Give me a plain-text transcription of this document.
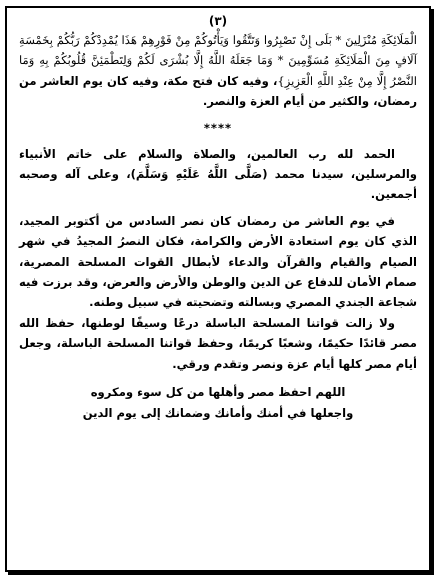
(٣)

الْمَلَائِكَةِ مُنْزَلِينَ * بَلَى إِنْ تَصْبِرُوا وَتَتَّقُوا وَيَأْتُوكُمْ مِنْ فَوْرِهِمْ هَذَا يُمْدِدْكُمْ رَبُّكُمْ بِخَمْسَةِ آلَافٍ مِنَ الْمَلَائِكَةِ مُسَوِّمِينَ * وَمَا جَعَلَهُ اللَّهُ إِلَّا بُشْرَى لَكُمْ وَلِتَطْمَئِنَّ قُلُوبُكُمْ بِهِ وَمَا النَّصْرُ إِلَّا مِنْ عِنْدِ اللَّهِ الْعَزِيزِ}، وفيه كان فتح مكة، وفيه كان يوم العاشر من رمضان، والكثير من أيام العزة والنصر.

****

الحمد لله رب العالمين، والصلاة والسلام على خاتم الأنبياء والمرسلين، سيدنا محمد (صَلَّى اللَّهُ عَلَيْهِ وَسَلَّمَ)، وعلى آله وصحبه أجمعين.

في يوم العاشر من رمضان كان نصر السادس من أكتوبر المجيد، الذي كان يوم استعادة الأرض والكرامة، فكان النصرُ المجيدُ في شهر الصيام والقيام والقرآن والدعاء لأبطال القوات المسلحة المصرية، صمام الأمان للدفاع عن الدين والوطن والأرض والعرض، وقد برزت فيه شجاعة الجندي المصري وبسالته وتضحيته في سبيل وطنه.

ولا زالت قواتنا المسلحة الباسلة درعًا وسيفًا لوطنها، حفظ الله مصر قائدًا حكيمًا، وشعبًا كريمًا، وحفظ قواتنا المسلحة الباسلة، وجعل أيام مصر كلها أيام عزة ونصر وتقدم ورقي.

اللهم احفظ مصر وأهلها من كل سوء ومكروه
واجعلها في أمنك وأمانك وضمانك إلى يوم الدين
